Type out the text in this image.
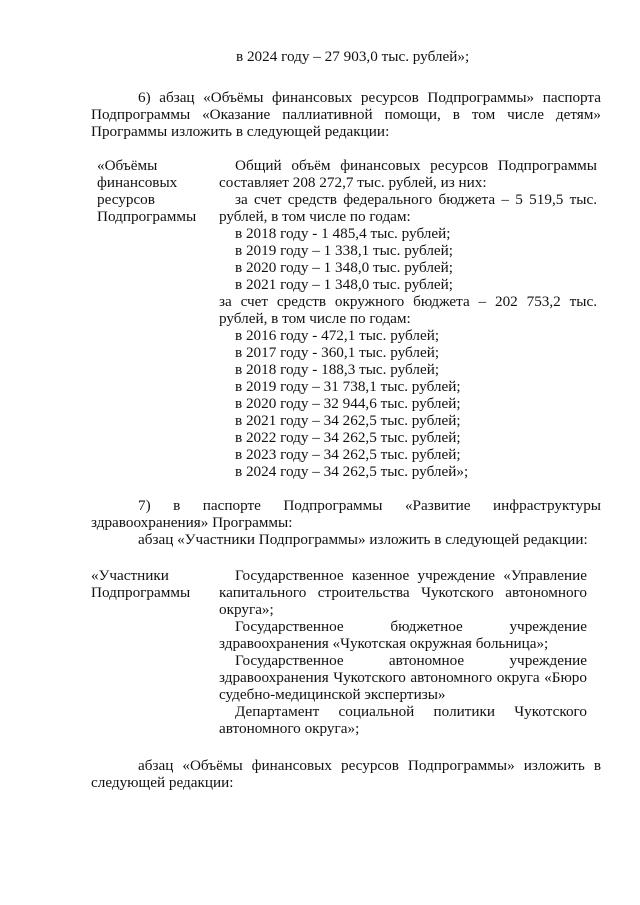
в 2024 году – 27 903,0 тыс. рублей»;
6) абзац «Объёмы финансовых ресурсов Подпрограммы» паспорта
Подпрограммы «Оказание паллиативной помощи, в том числе детям»
Программы изложить в следующей редакции:
«Объёмы
финансовых
ресурсов
Подпрограммы
Общий объём финансовых ресурсов Подпрограммы
составляет 208 272,7 тыс. рублей, из них:
за счет средств федерального бюджета – 5 519,5 тыс.
рублей, в том числе по годам:
в 2018 году - 1 485,4 тыс. рублей;
в 2019 году – 1 338,1 тыс. рублей;
в 2020 году – 1 348,0 тыс. рублей;
в 2021 году – 1 348,0 тыс. рублей;
за счет средств окружного бюджета – 202 753,2 тыс.
рублей, в том числе по годам:
в 2016 году - 472,1 тыс. рублей;
в 2017 году - 360,1 тыс. рублей;
в 2018 году - 188,3 тыс. рублей;
в 2019 году – 31 738,1 тыс. рублей;
в 2020 году – 32 944,6 тыс. рублей;
в 2021 году – 34 262,5 тыс. рублей;
в 2022 году – 34 262,5 тыс. рублей;
в 2023 году – 34 262,5 тыс. рублей;
в 2024 году – 34 262,5 тыс. рублей»;
7) в паспорте Подпрограммы «Развитие инфраструктуры
здравоохранения» Программы:
абзац «Участники Подпрограммы» изложить в следующей редакции:
«Участники
Подпрограммы
Государственное казенное учреждение «Управление
капитального строительства Чукотского автономного
округа»;
Государственное бюджетное учреждение
здравоохранения «Чукотская окружная больница»;
Государственное автономное учреждение
здравоохранения Чукотского автономного округа «Бюро
судебно-медицинской экспертизы»
Департамент социальной политики Чукотского
автономного округа»;
абзац «Объёмы финансовых ресурсов Подпрограммы» изложить в
следующей редакции:
